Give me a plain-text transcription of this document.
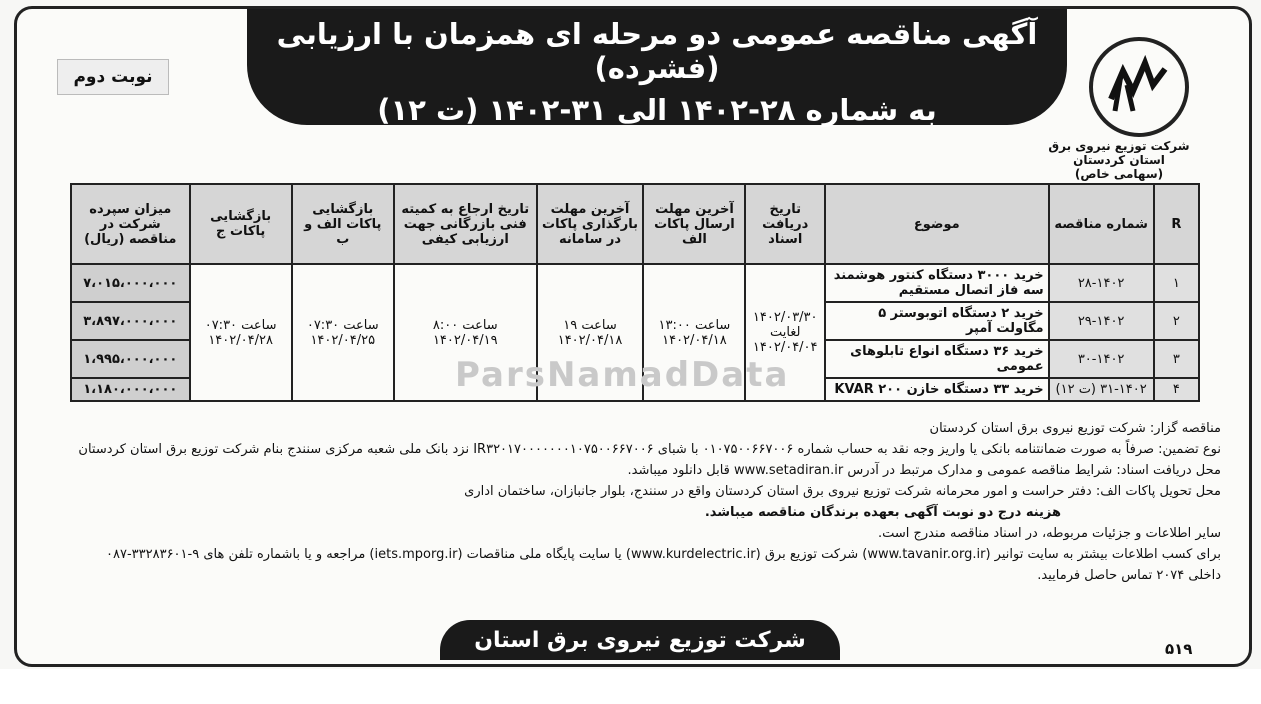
آگهی مناقصه عمومی دو مرحله ای همزمان با ارزیابی (فشرده)
به شماره ۲۸-۱۴۰۲ الی ۳۱-۱۴۰۲ (ت ۱۲)
نوبت دوم
شرکت توزیع نیروی برق استان کردستان
(سهامی خاص)
R	شماره مناقصه	موضوع	تاریخ دریافت اسناد	آخرین مهلت ارسال پاکات الف	آخرین مهلت بارگذاری پاکات در سامانه	تاریخ ارجاع به کمیته فنی بازرگانی جهت ارزیابی کیفی	بازگشایی پاکات الف و ب	بازگشایی پاکات ج	میزان سپرده شرکت در مناقصه (ریال)
۱	۲۸-۱۴۰۲	خرید ۳۰۰۰ دستگاه کنتور هوشمند سه فاز اتصال مستقیم	۱۴۰۲/۰۳/۳۰ لغایت ۱۴۰۲/۰۴/۰۴	ساعت ۱۳:۰۰ ۱۴۰۲/۰۴/۱۸	ساعت ۱۹ ۱۴۰۲/۰۴/۱۸	ساعت ۸:۰۰ ۱۴۰۲/۰۴/۱۹	ساعت ۰۷:۳۰ ۱۴۰۲/۰۴/۲۵	ساعت ۰۷:۳۰ ۱۴۰۲/۰۴/۲۸	۷،۰۱۵،۰۰۰،۰۰۰
۲	۲۹-۱۴۰۲	خرید ۲ دستگاه اتوبوستر ۵ مگاولت آمپر							۳،۸۹۷،۰۰۰،۰۰۰
۳	۳۰-۱۴۰۲	خرید ۳۶ دستگاه انواع تابلوهای عمومی							۱،۹۹۵،۰۰۰،۰۰۰
۴	۳۱-۱۴۰۲ (ت ۱۲)	خرید ۳۳ دستگاه خازن ۲۰۰ KVAR							۱،۱۸۰،۰۰۰،۰۰۰	ParsNamadData
مناقصه گزار: شرکت توزیع نیروی برق استان کردستان
نوع تضمین: صرفاً به صورت ضمانتنامه بانکی یا واریز وجه نقد به حساب شماره ۰۱۰۷۵۰۰۶۶۷۰۰۶ با شبای IR۳۲۰۱۷۰۰۰۰۰۰۰۱۰۷۵۰۰۶۶۷۰۰۶ نزد بانک ملی شعبه مرکزی سنندج بنام شرکت توزیع برق استان کردستان
محل دریافت اسناد: شرایط مناقصه عمومی و مدارک مرتبط در آدرس www.setadiran.ir قابل دانلود میباشد.
محل تحویل پاکات الف: دفتر حراست و امور محرمانه شرکت توزیع نیروی برق استان کردستان واقع در سنندج، بلوار جانبازان، ساختمان اداری
هزینه درج دو نوبت آگهی بعهده برندگان مناقصه میباشد.
سایر اطلاعات و جزئیات مربوطه، در اسناد مناقصه مندرج است.
برای کسب اطلاعات بیشتر به سایت توانیر (www.tavanir.org.ir) شرکت توزیع برق (www.kurdelectric.ir) یا سایت پایگاه ملی مناقصات (iets.mporg.ir) مراجعه و یا باشماره تلفن های ۹-۳۳۲۸۳۶۰۱-۰۸۷
داخلی ۲۰۷۴ تماس حاصل فرمایید.
شرکت توزیع نیروی برق استان کردستان
۵۱۹
